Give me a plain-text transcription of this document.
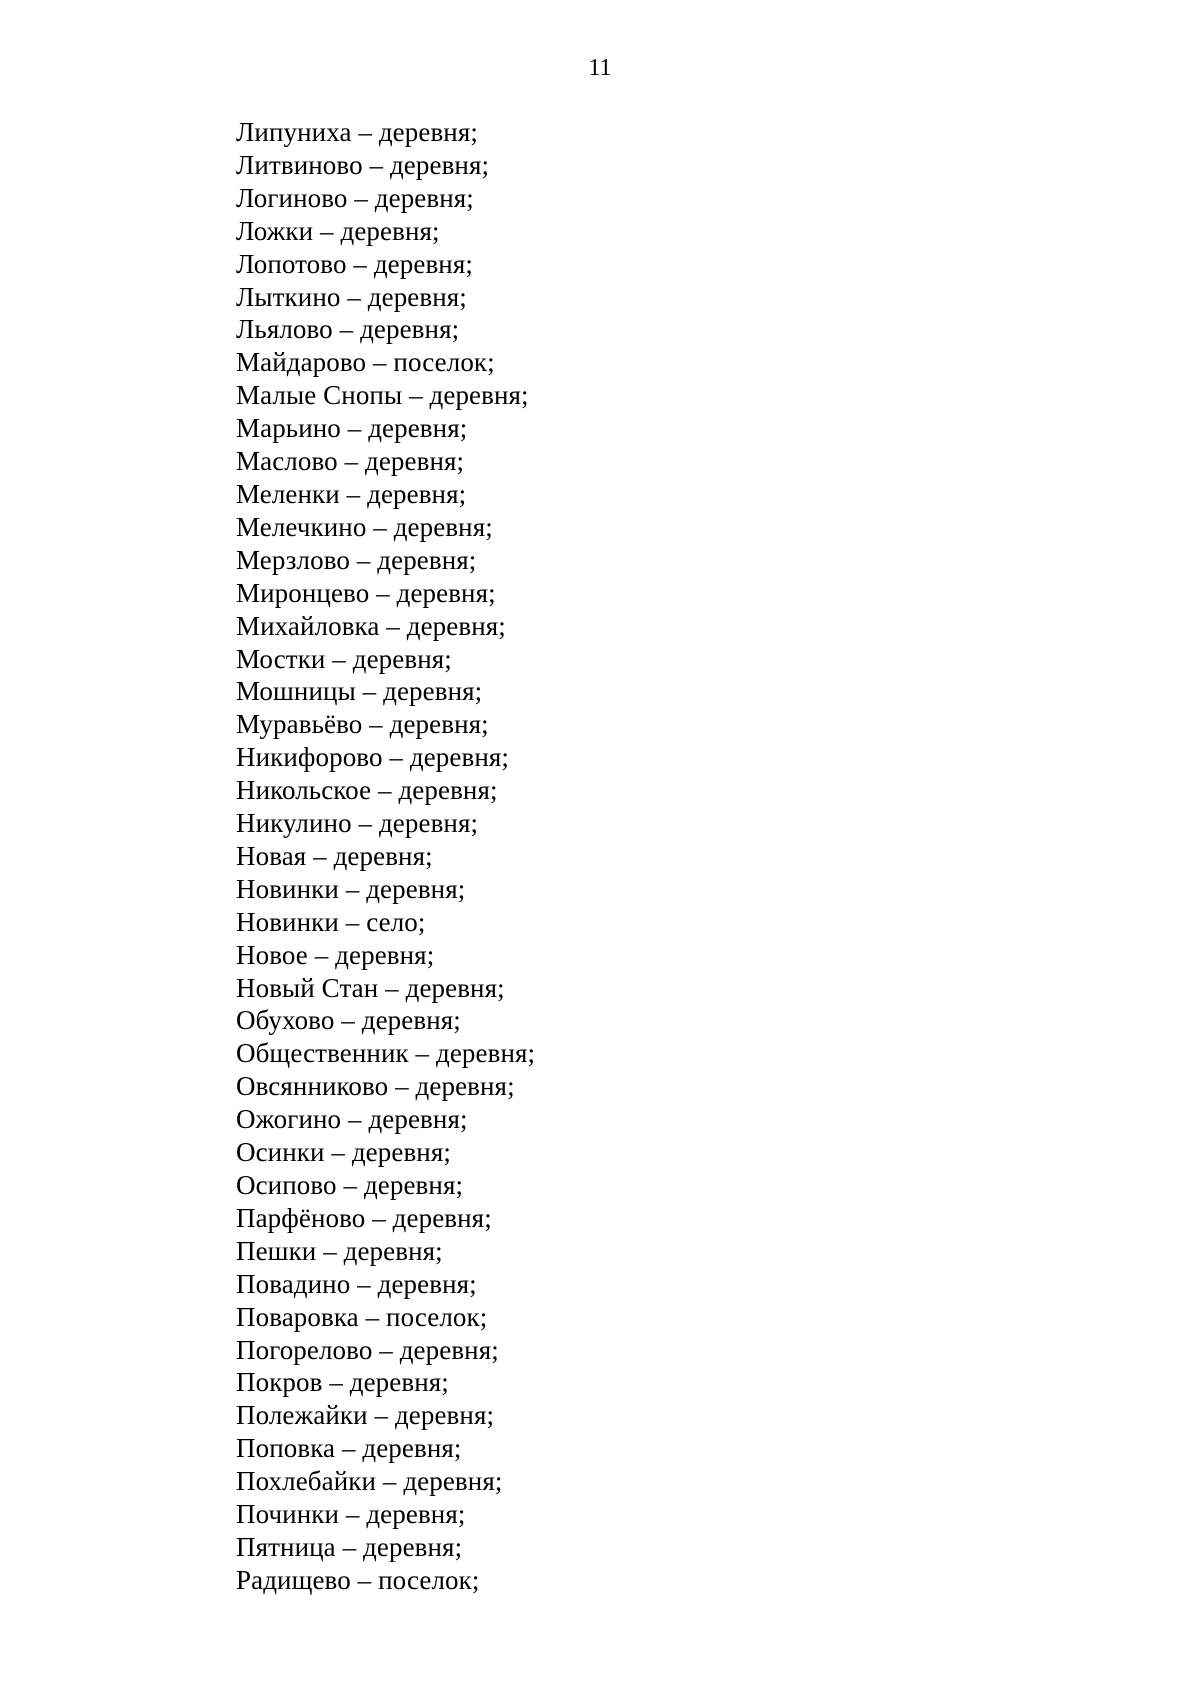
11
Липуниха – деревня;
Литвиново – деревня;
Логиново – деревня;
Ложки – деревня;
Лопотово – деревня;
Лыткино – деревня;
Льялово – деревня;
Майдарово – поселок;
Малые Снопы – деревня;
Марьино – деревня;
Маслово – деревня;
Меленки – деревня;
Мелечкино – деревня;
Мерзлово – деревня;
Миронцево – деревня;
Михайловка – деревня;
Мостки – деревня;
Мошницы – деревня;
Муравьёво – деревня;
Никифорово – деревня;
Никольское – деревня;
Никулино – деревня;
Новая – деревня;
Новинки – деревня;
Новинки – село;
Новое – деревня;
Новый Стан – деревня;
Обухово – деревня;
Общественник – деревня;
Овсянниково – деревня;
Ожогино – деревня;
Осинки – деревня;
Осипово – деревня;
Парфёново – деревня;
Пешки – деревня;
Повадино – деревня;
Поваровка – поселок;
Погорелово – деревня;
Покров – деревня;
Полежайки – деревня;
Поповка – деревня;
Похлебайки – деревня;
Починки – деревня;
Пятница – деревня;
Радищево – поселок;
